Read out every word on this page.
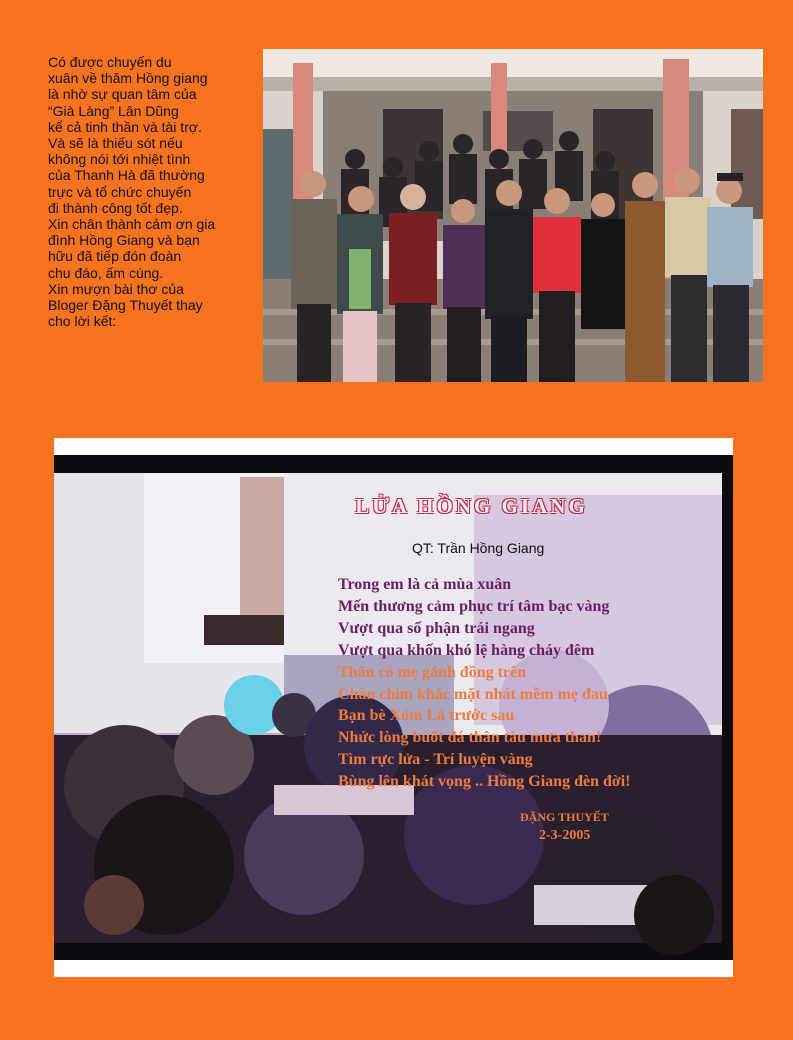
Có được chuyến du
xuân về thăm Hồng giang
là nhờ sự quan tâm của
“Già Làng” Lân Dũng
kể cả tinh thần và tài trợ.

Và sẽ là thiếu sót nếu
không nói tới nhiệt tình
của Thanh Hà đã thường
trực và tổ chức chuyến
đi thành công tốt đẹp.

Xin chân thành cảm ơn gia
đình Hồng Giang và bạn
hữu đã tiếp đón đoàn
chu đáo, ấm cúng.

Xin mượn bài thơ của
Bloger Đặng Thuyết thay
cho lời kết:

LỬA HỒNG GIANG

QT: Trần Hồng Giang

Trong em là cả mùa xuân
Mến thương cảm phục trí tâm bạc vàng
Vượt qua số phận trái ngang
Vượt qua khốn khó lệ hàng cháy đêm
Thân cò mẹ gánh đồng trên
Chân chim khắc mặt nhát mềm mẹ đau
Bạn bè Xóm Lá trước sau
Nhức lòng buốt đá thân tàu mưa than!
Tìm rực lửa - Trí luyện vàng
Bùng lên khát vọng .. Hồng Giang đèn đời!

ĐẶNG THUYẾT

2-3-2005
